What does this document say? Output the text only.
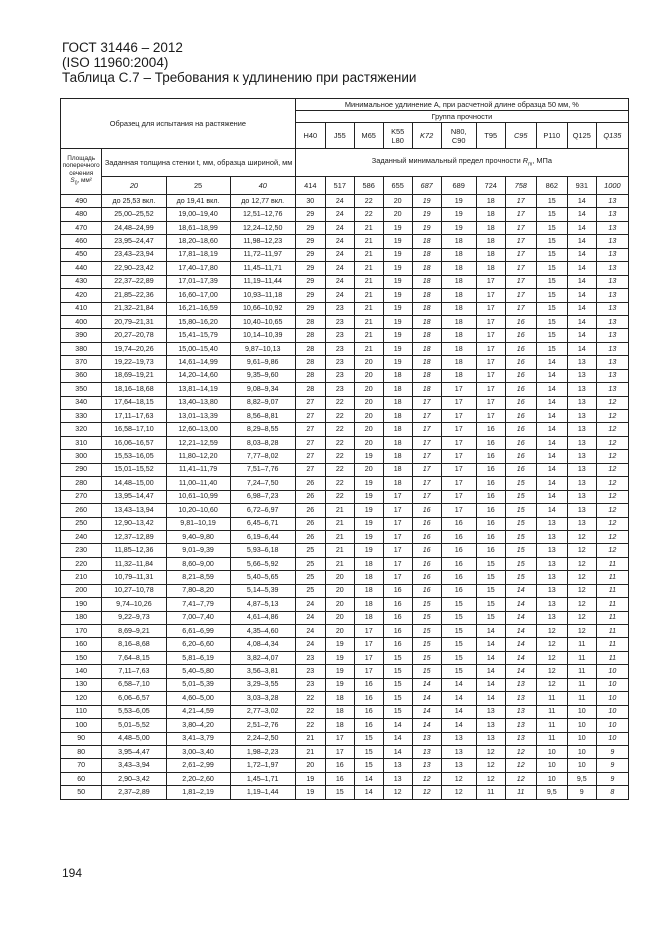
ГОСТ 31446 – 2012
(ISO 11960:2004)
Таблица С.7 – Требования к удлинению при растяжении
Образец для испытания на растяжение				Минимальное удлинение A, при расчетной длине образца 50 мм, %										
				Группа прочности										
				H40	J55	M65	K55
L80	K72	N80,
C90	T95	C95	P110	Q125	Q135
Площадь поперечного сечения
$S_0$, мм²	Заданная толщина стенки t, мм, образца шириной, мм			Заданный минимальный предел прочности $R_m$, МПа										
	20	25	40	414	517	586	655	687	689	724	758	862	931	1000
490	до 25,53 вкл.	до 19,41 вкл.	до 12,77 вкл.	30	24	22	20	19	19	18	17	15	14	13
480	25,00–25,52	19,00–19,40	12,51–12,76	29	24	22	20	19	19	18	17	15	14	13
470	24,48–24,99	18,61–18,99	12,24–12,50	29	24	21	19	19	19	18	17	15	14	13
460	23,95–24,47	18,20–18,60	11,98–12,23	29	24	21	19	18	18	18	17	15	14	13
450	23,43–23,94	17,81–18,19	11,72–11,97	29	24	21	19	18	18	18	17	15	14	13
440	22,90–23,42	17,40–17,80	11,45–11,71	29	24	21	19	18	18	18	17	15	14	13
430	22,37–22,89	17,01–17,39	11,19–11,44	29	24	21	19	18	18	17	17	15	14	13
420	21,85–22,36	16,60–17,00	10,93–11,18	29	24	21	19	18	18	17	17	15	14	13
410	21,32–21,84	16,21–16,59	10,66–10,92	29	23	21	19	18	18	17	17	15	14	13
400	20,79–21,31	15,80–16,20	10,40–10,65	28	23	21	19	18	18	17	16	15	14	13
390	20,27–20,78	15,41–15,79	10,14–10,39	28	23	21	19	18	18	17	16	15	14	13
380	19,74–20,26	15,00–15,40	9,87–10,13	28	23	21	19	18	18	17	16	15	14	13
370	19,22–19,73	14,61–14,99	9,61–9,86	28	23	20	19	18	18	17	16	14	13	13
360	18,69–19,21	14,20–14,60	9,35–9,60	28	23	20	18	18	18	17	16	14	13	13
350	18,16–18,68	13,81–14,19	9,08–9,34	28	23	20	18	18	17	17	16	14	13	13
340	17,64–18,15	13,40–13,80	8,82–9,07	27	22	20	18	17	17	17	16	14	13	12
330	17,11–17,63	13,01–13,39	8,56–8,81	27	22	20	18	17	17	17	16	14	13	12
320	16,58–17,10	12,60–13,00	8,29–8,55	27	22	20	18	17	17	16	16	14	13	12
310	16,06–16,57	12,21–12,59	8,03–8,28	27	22	20	18	17	17	16	16	14	13	12
300	15,53–16,05	11,80–12,20	7,77–8,02	27	22	19	18	17	17	16	16	14	13	12
290	15,01–15,52	11,41–11,79	7,51–7,76	27	22	20	18	17	17	16	16	14	13	12
280	14,48–15,00	11,00–11,40	7,24–7,50	26	22	19	18	17	17	16	15	14	13	12
270	13,95–14,47	10,61–10,99	6,98–7,23	26	22	19	17	17	17	16	15	14	13	12
260	13,43–13,94	10,20–10,60	6,72–6,97	26	21	19	17	16	17	16	15	14	13	12
250	12,90–13,42	9,81–10,19	6,45–6,71	26	21	19	17	16	16	16	15	13	13	12
240	12,37–12,89	9,40–9,80	6,19–6,44	26	21	19	17	16	16	16	15	13	12	12
230	11,85–12,36	9,01–9,39	5,93–6,18	25	21	19	17	16	16	16	15	13	12	12
220	11,32–11,84	8,60–9,00	5,66–5,92	25	21	18	17	16	16	15	15	13	12	11
210	10,79–11,31	8,21–8,59	5,40–5,65	25	20	18	17	16	16	15	15	13	12	11
200	10,27–10,78	7,80–8,20	5,14–5,39	25	20	18	16	16	16	15	14	13	12	11
190	9,74–10,26	7,41–7,79	4,87–5,13	24	20	18	16	15	15	15	14	13	12	11
180	9,22–9,73	7,00–7,40	4,61–4,86	24	20	18	16	15	15	15	14	13	12	11
170	8,69–9,21	6,61–6,99	4,35–4,60	24	20	17	16	15	15	14	14	12	12	11
160	8,16–8,68	6,20–6,60	4,08–4,34	24	19	17	16	15	15	14	14	12	11	11
150	7,64–8,15	5,81–6,19	3,82–4,07	23	19	17	15	15	15	14	14	12	11	11
140	7,11–7,63	5,40–5,80	3,56–3,81	23	19	17	15	15	15	14	14	12	11	10
130	6,58–7,10	5,01–5,39	3,29–3,55	23	19	16	15	14	14	14	13	12	11	10
120	6,06–6,57	4,60–5,00	3,03–3,28	22	18	16	15	14	14	14	13	11	11	10
110	5,53–6,05	4,21–4,59	2,77–3,02	22	18	16	15	14	14	13	13	11	10	10
100	5,01–5,52	3,80–4,20	2,51–2,76	22	18	16	14	14	14	13	13	11	10	10
90	4,48–5,00	3,41–3,79	2,24–2,50	21	17	15	14	13	13	13	13	11	10	10
80	3,95–4,47	3,00–3,40	1,98–2,23	21	17	15	14	13	13	12	12	10	10	9
70	3,43–3,94	2,61–2,99	1,72–1,97	20	16	15	13	13	13	12	12	10	10	9
60	2,90–3,42	2,20–2,60	1,45–1,71	19	16	14	13	12	12	12	12	10	9,5	9
50	2,37–2,89	1,81–2,19	1,19–1,44	19	15	14	12	12	12	11	11	9,5	9	8
194
